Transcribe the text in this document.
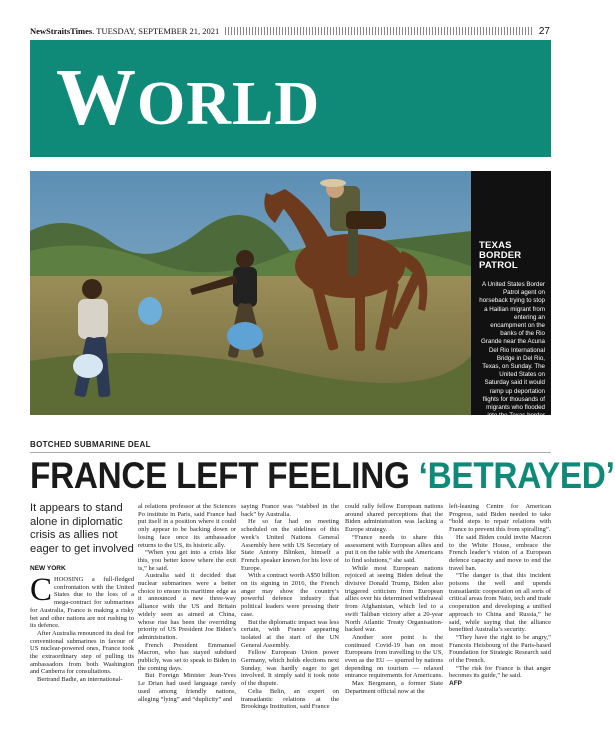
NewStraitsTimes. TUESDAY, SEPTEMBER 21, 2021	27
WORLD
TEXAS
BORDER
PATROL
A United States Border Patrol agent on horseback trying to stop a Haitian migrant from entering an encampment on the banks of the Rio Grande near the Acuna Del Rio International Bridge in Del Rio, Texas, on Sunday. The United States on Saturday said it would ramp up deportation flights for thousands of migrants who flooded into the Texas border city of Del Rio. AFP PIC
BOTCHED SUBMARINE DEAL
FRANCE LEFT FEELING ‘BETRAYED’
It appears to stand alone in diplomatic crisis as allies not eager to get involved
NEW YORK

CHOOSING a full-fledged confrontation with the United States due to the loss of a mega-contract for submarines for Australia, France is making a risky bet and other nations are not rushing to its defence.

After Australia renounced its deal for conventional submarines in favour of US nuclear-powered ones, France took the extraordinary step of pulling its ambassadors from both Washington and Canberra for consultations.

Bertrand Badie, an international-

al relations professor at the Sciences Po institute in Paris, said France had put itself in a position where it could only appear to be backing down or losing face once its ambassador returns to the US, its historic ally.

“When you get into a crisis like this, you better know where the exit is,” he said.

Australia said it decided that nuclear submarines were a better choice to ensure its maritime edge as it announced a new three-way alliance with the US and Britain widely seen as aimed at China, whose rise has been the overriding priority of US President Joe Biden’s administration.

French President Emmanuel Macron, who has stayed subdued publicly, was set to speak to Biden in the coming days.

But Foreign Minister Jean-Yves Le Drian had used language rarely used among friendly nations, alleging “lying” and “duplicity” and

saying France was “stabbed in the back” by Australia.

He so far had no meeting scheduled on the sidelines of this week’s United Nations General Assembly here with US Secretary of State Antony Blinken, himself a French speaker known for his love of Europe.

With a contract worth A$50 billion on its signing in 2016, the French anger may show the country’s powerful defence industry that political leaders were pressing their case.

But the diplomatic impact was less certain, with France appearing isolated at the start of the UN General Assembly.

Fellow European Union power Germany, which holds elections next Sunday, was hardly eager to get involved. It simply said it took note of the dispute.

Celia Belin, an expert on transatlantic relations at the Brookings Institution, said France

could rally fellow European nations around shared perceptions that the Biden administration was lacking a Europe strategy.

“France needs to share this assessment with European allies and put it on the table with the Americans to find solutions,” she said.

While most European nations rejoiced at seeing Biden defeat the divisive Donald Trump, Biden also triggered criticism from European allies over his determined withdrawal from Afghanistan, which led to a swift Taliban victory after a 20-year North Atlantic Treaty Organisation-backed war.

Another sore point is the continued Covid-19 ban on most Europeans from travelling to the US, even as the EU — spurred by nations depending on tourism — relaxed entrance requirements for Americans.

Max Bergmann, a former State Department official now at the

left-leaning Centre for American Progress, said Biden needed to take “bold steps to repair relations with France to prevent this from spiralling”.

He said Biden could invite Macron to the White House, embrace the French leader’s vision of a European defence capacity and move to end the travel ban.

“The danger is that this incident poisons the well and upends transatlantic cooperation on all sorts of critical areas from Nato, tech and trade cooperation and developing a unified approach to China and Russia,” he said, while saying that the alliance benefited Australia’s security.

“They have the right to be angry,” Francois Heisbourg of the Paris-based Foundation for Strategic Research said of the French.

“The risk for France is that anger becomes its guide,” he said.

AFP
